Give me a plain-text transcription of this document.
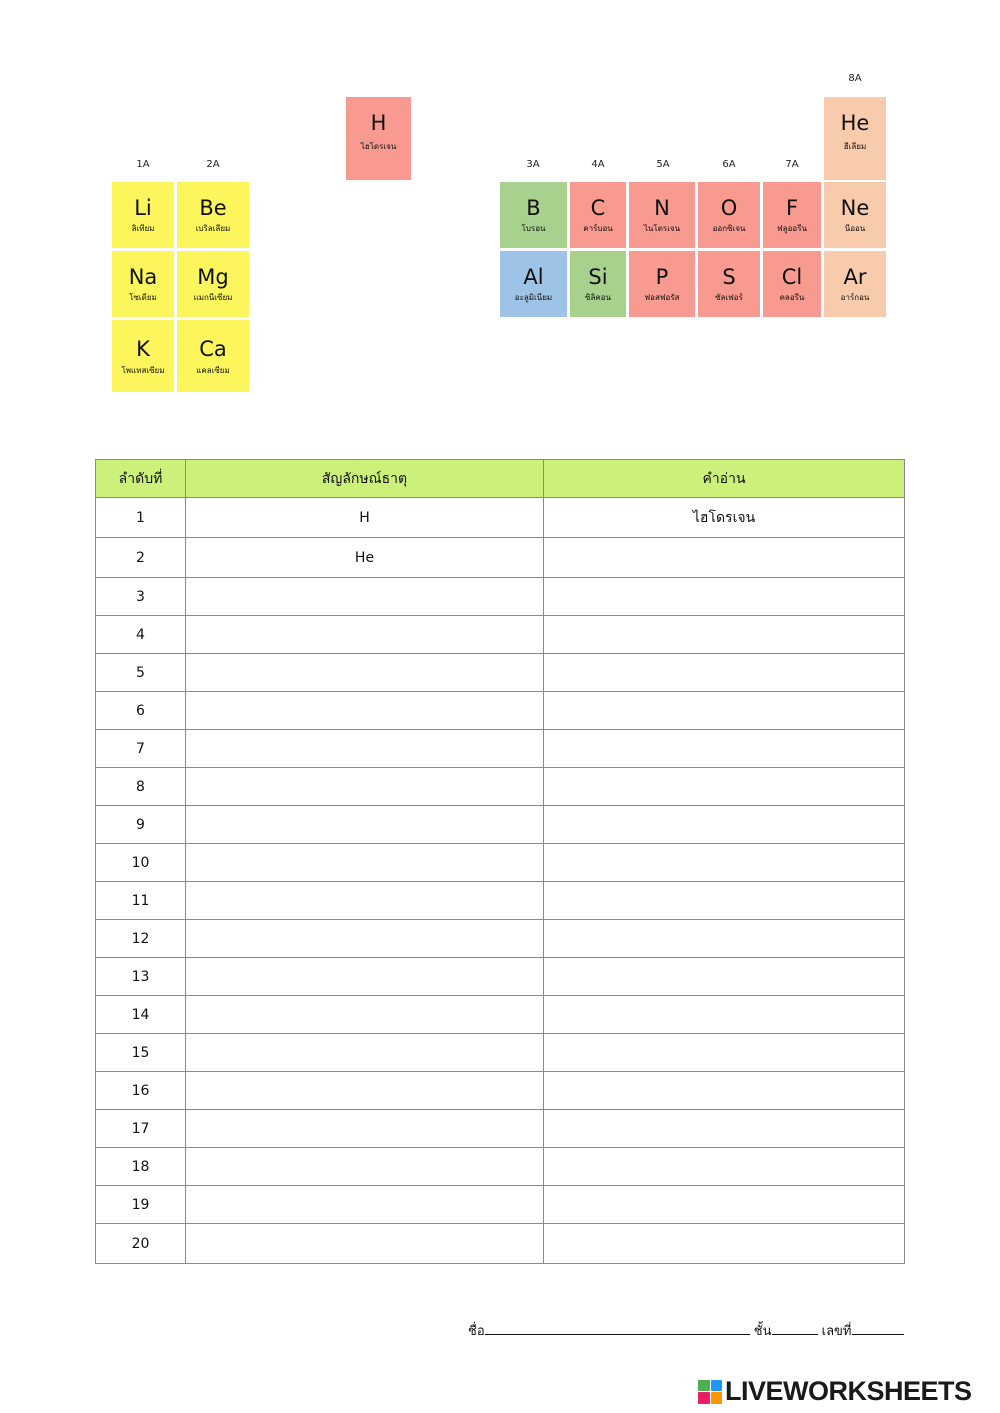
1A	2A	3A	4A	5A	6A	7A
8A
H
ไฮโดรเจน
He
ฮีเลียม
Li
ลิเทียม
Be
เบริลเลียม
Na
โซเดียม
Mg
แมกนีเซียม
K
โพแทสเซียม
Ca
แคลเซียม
B
โบรอน
C
คาร์บอน
N
ไนโตรเจน
O
ออกซิเจน
F
ฟลูออรีน
Ne
นีออน
Al
อะลูมิเนียม
Si
ซิลิคอน
P
ฟอสฟอรัส
S
ซัลเฟอร์
Cl
คลอรีน
Ar
อาร์กอน
ลำดับที่	สัญลักษณ์ธาตุ	คำอ่าน
1	H	ไฮโดรเจน
2	He	
3		
4		
5		
6		
7		
8		
9		
10		
11		
12		
13		
14		
15		
16		
17		
18		
19		
20		
ชื่อ	ชั้น	เลขที่
LIVEWORKSHEETS
